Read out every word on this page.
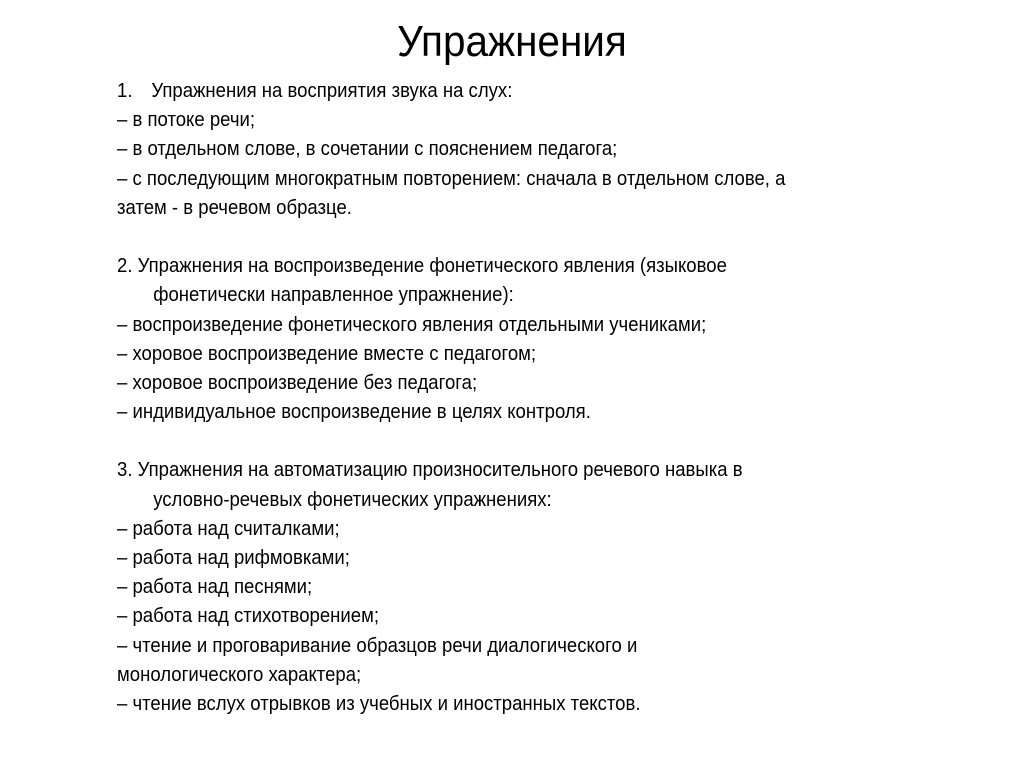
Упражнения
1. Упражнения на восприятия звука на слух:
– в потоке речи;
– в отдельном слове, в сочетании с пояснением педагога;
– с последующим многократным повторением: сначала в отдельном слове, а
затем - в речевом образце.
2. Упражнения на воспроизведение фонетического явления (языковое
фонетически направленное упражнение):
– воспроизведение фонетического явления отдельными учениками;
– хоровое воспроизведение вместе с педагогом;
– хоровое воспроизведение без педагога;
– индивидуальное воспроизведение в целях контроля.
3. Упражнения на автоматизацию произносительного речевого навыка в
условно-речевых фонетических упражнениях:
– работа над считалками;
– работа над рифмовками;
– работа над песнями;
– работа над стихотворением;
– чтение и проговаривание образцов речи диалогического и
монологического характера;
– чтение вслух отрывков из учебных и иностранных текстов.
